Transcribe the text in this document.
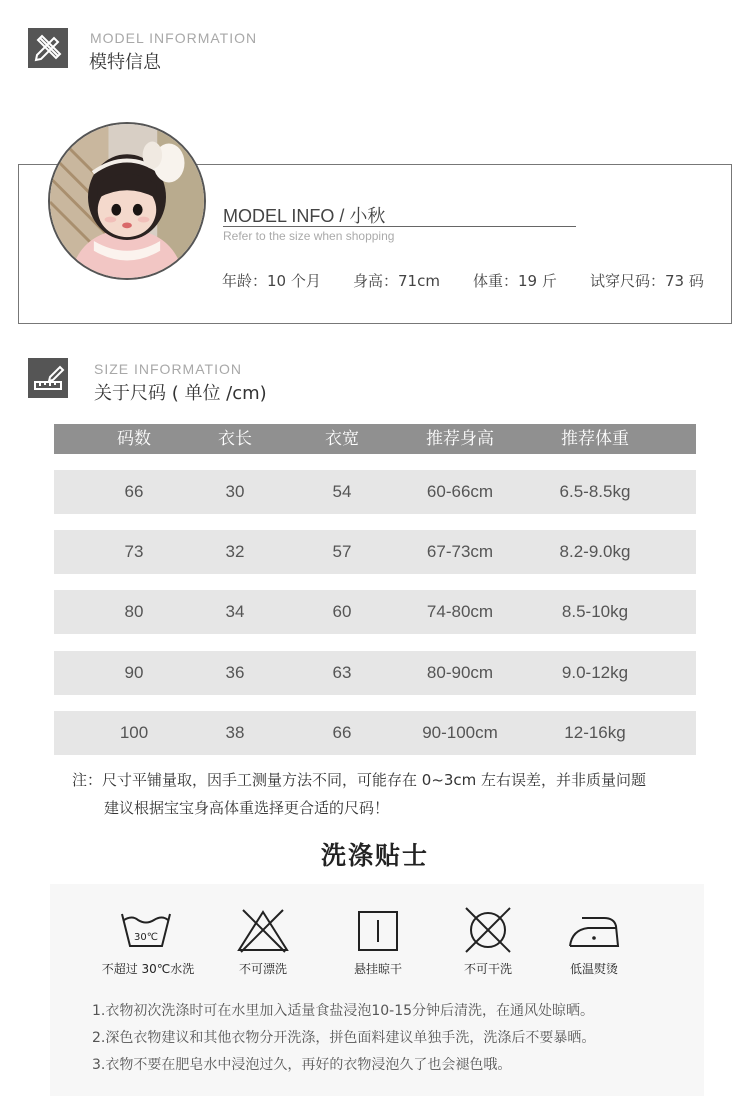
MODEL INFORMATION
模特信息
MODEL INFO / 小秋
Refer to the size when shopping
年龄：10 个月 身高：71cm 体重：19 斤 试穿尺码：73 码
SIZE INFORMATION
关于尺码 ( 单位 /cm)
码数	衣长	衣宽	推荐身高	推荐体重
66	30	54	60-66cm	6.5-8.5kg
73	32	57	67-73cm	8.2-9.0kg
80	34	60	74-80cm	8.5-10kg
90	36	63	80-90cm	9.0-12kg
100	38	66	90-100cm	12-16kg
注：尺寸平铺量取，因手工测量方法不同，可能存在 0~3cm 左右误差，并非质量问题
建议根据宝宝身高体重选择更合适的尺码！
洗涤贴士
30℃
不超过 30℃水洗	不可漂洗	悬挂晾干	不可干洗	低温熨烫
1.衣物初次洗涤时可在水里加入适量食盐浸泡10-15分钟后清洗，在通风处晾晒。
2.深色衣物建议和其他衣物分开洗涤，拼色面料建议单独手洗，洗涤后不要暴晒。
3.衣物不要在肥皂水中浸泡过久，再好的衣物浸泡久了也会褪色哦。
